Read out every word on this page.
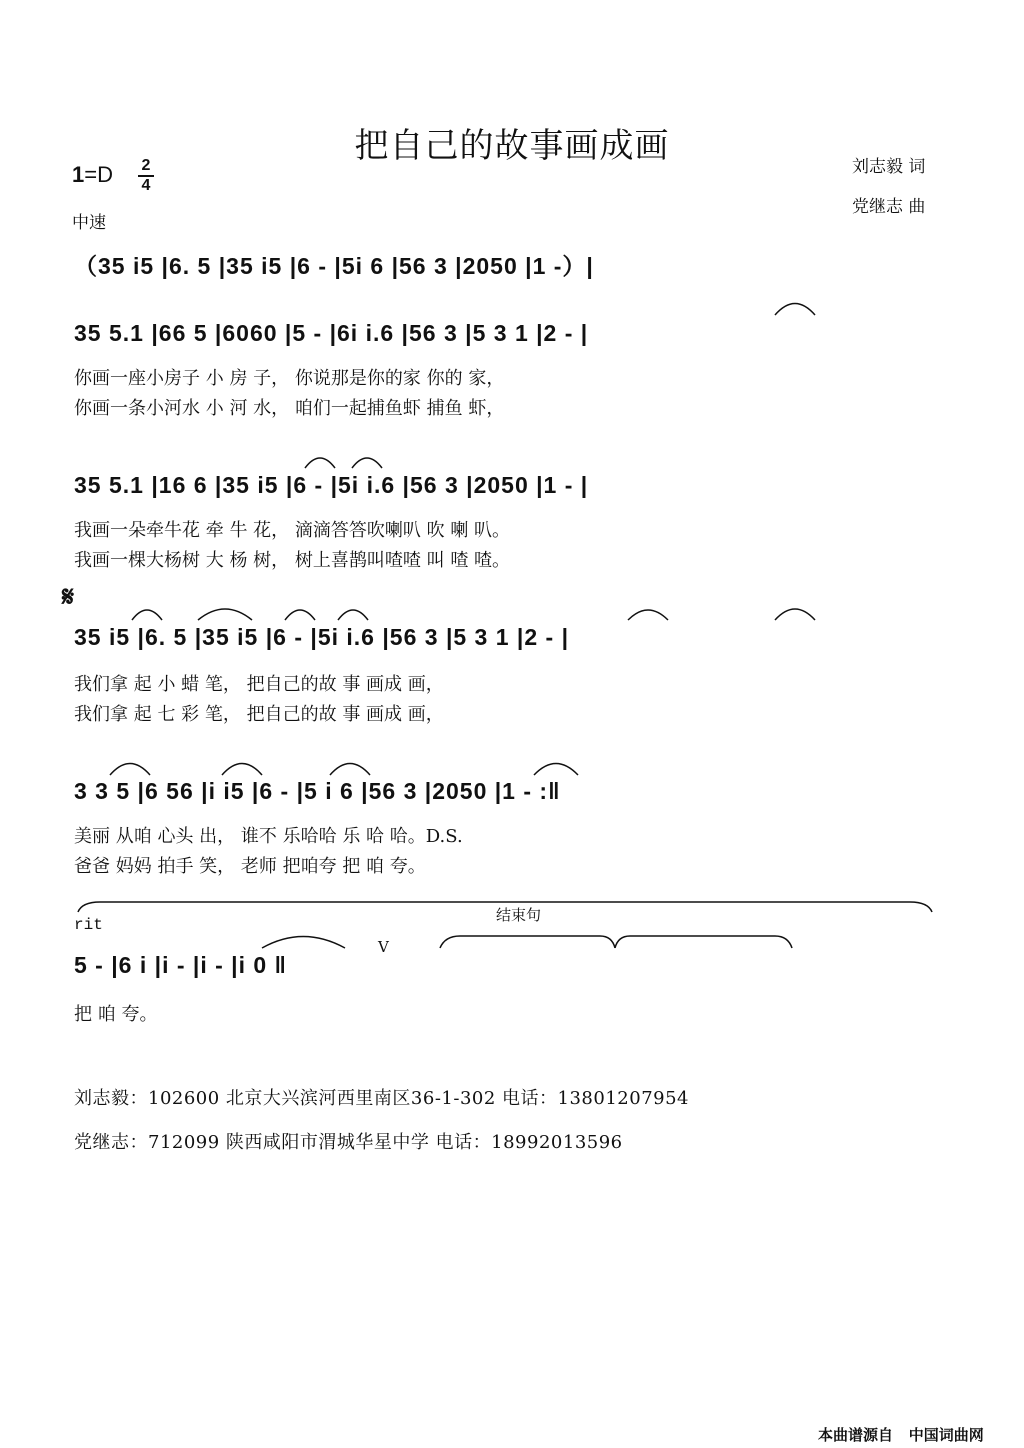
把自己的故事画成画
刘志毅 词
党继志 曲
1=D 2
4
中速
（35 i5 |6. 5 |35 i5 |6 - |5i 6 |56 3 |2050 |1 -）|
35 5.1 |66 5 |6060 |5 - |6i i.6 |56 3 |5 3 1 |2 - |
你画一座小房子 小 房 子， 你说那是你的家 你的 家，
你画一条小河水 小 河 水， 咱们一起捕鱼虾 捕鱼 虾，
35 5.1 |16 6 |35 i5 |6 - |5i i.6 |56 3 |2050 |1 - |
我画一朵牵牛花 牵 牛 花， 滴滴答答吹喇叭 吹 喇 叭。
我画一棵大杨树 大 杨 树， 树上喜鹊叫喳喳 叫 喳 喳。
𝄋
35 i5 |6. 5 |35 i5 |6 - |5i i.6 |56 3 |5 3 1 |2 - |
我们拿 起 小 蜡 笔， 把自己的故 事 画成 画，
我们拿 起 七 彩 笔， 把自己的故 事 画成 画，
3 3 5 |6 56 |i i5 |6 - |5 i 6 |56 3 |2050 |1 - :‖
美丽 从咱 心头 出， 谁不 乐哈哈 乐 哈 哈。D.S.
爸爸 妈妈 拍手 笑， 老师 把咱夸 把 咱 夸。
rit
结束句
V
5 - |6 i |i - |i - |i 0 ‖
把 咱 夸。
刘志毅：102600 北京大兴滨河西里南区36-1-302 电话：13801207954
党继志：712099 陕西咸阳市渭城华星中学 电话：18992013596
本曲谱源自 中国词曲网
